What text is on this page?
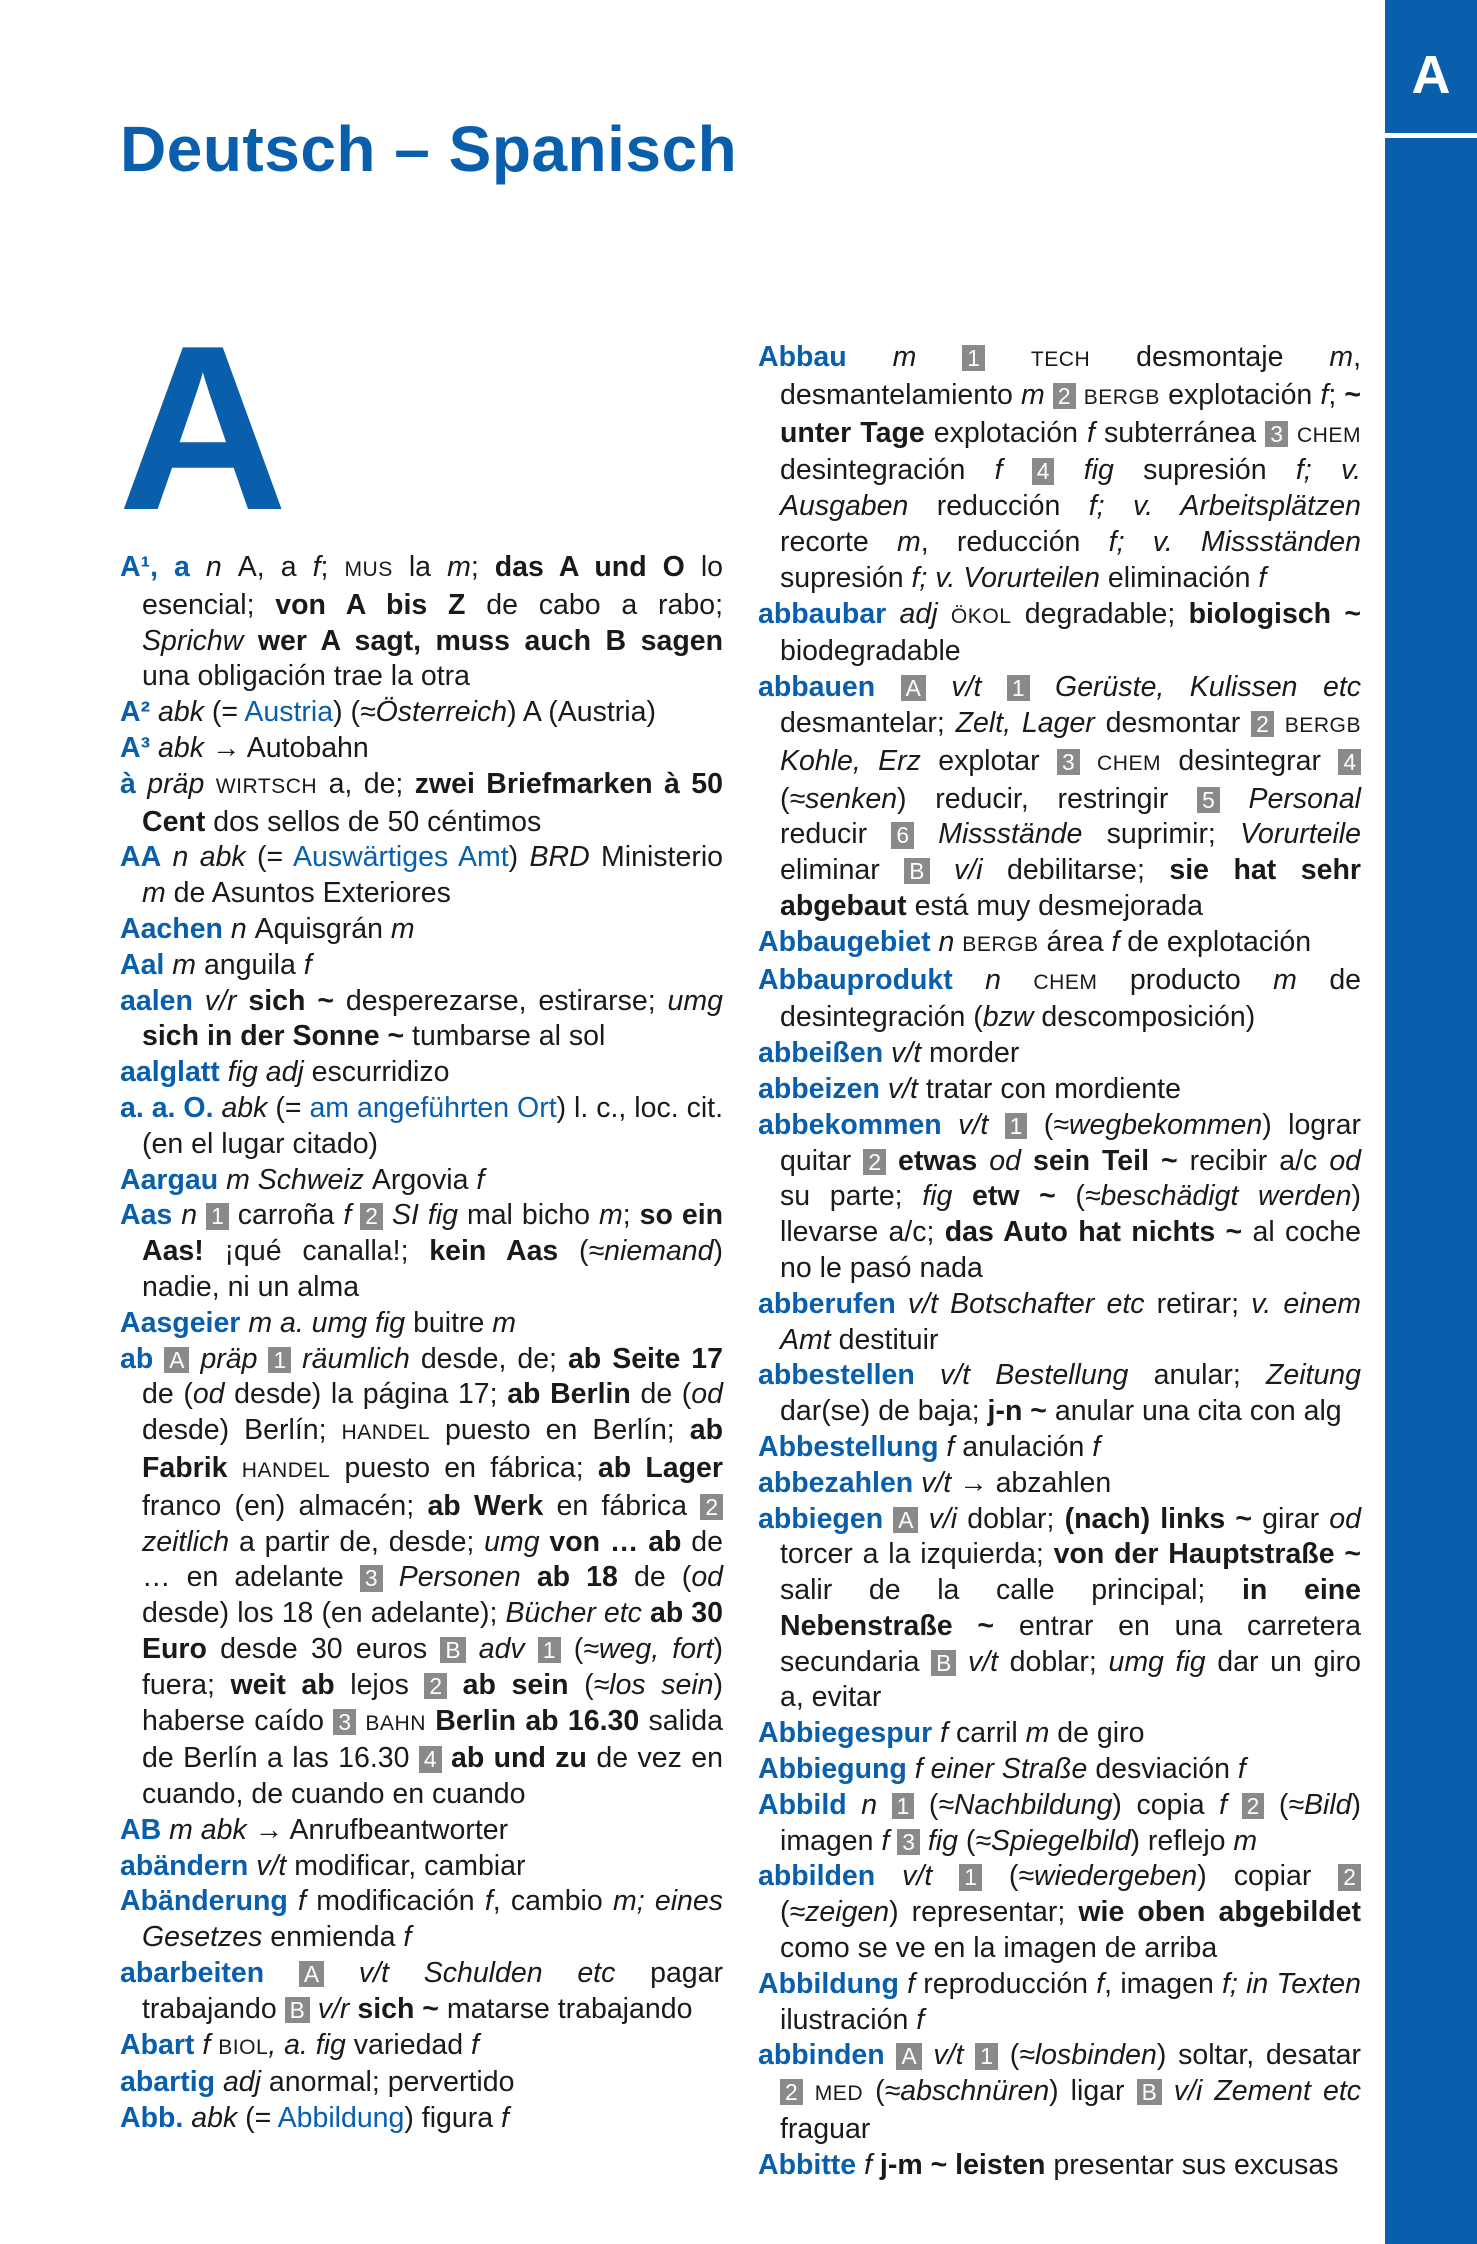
A
Deutsch – Spanisch
A
A¹, a n A, a f; MUS la m; das A und O lo esencial; von A bis Z de cabo a rabo; Sprichw wer A sagt, muss auch B sagen una obligación trae la otra
A² abk (= Austria) (≈Österreich) A (Austria)
A³ abk → Autobahn
à präp WIRTSCH a, de; zwei Briefmarken à 50 Cent dos sellos de 50 céntimos
AA n abk (= Auswärtiges Amt) BRD Ministerio m de Asuntos Exteriores
Aachen n Aquisgrán m
Aal m anguila f
aalen v/r sich ~ desperezarse, estirarse; umg sich in der Sonne ~ tumbarse al sol
aalglatt fig adj escurridizo
a. a. O. abk (= am angeführten Ort) l. c., loc. cit. (en el lugar citado)
Aargau m Schweiz Argovia f
Aas n 1 carroña f 2 SI fig mal bicho m; so ein Aas! ¡qué canalla!; kein Aas (≈niemand) nadie, ni un alma
Aasgeier m a. umg fig buitre m
ab A präp 1 räumlich desde, de; ab Seite 17 de (od desde) la página 17; ab Berlin de (od desde) Berlín; HANDEL puesto en Berlín; ab Fabrik HANDEL puesto en fábrica; ab Lager franco (en) almacén; ab Werk en fábrica 2 zeitlich a partir de, desde; umg von … ab de … en adelante 3 Personen ab 18 de (od desde) los 18 (en adelante); Bücher etc ab 30 Euro desde 30 euros B adv 1 (≈weg, fort) fuera; weit ab lejos 2 ab sein (≈los sein) haberse caído 3 BAHN Berlin ab 16.30 salida de Berlín a las 16.30 4 ab und zu de vez en cuando, de cuando en cuando
AB m abk → Anrufbeantworter
abändern v/t modificar, cambiar
Abänderung f modificación f, cambio m; eines Gesetzes enmienda f
abarbeiten A v/t Schulden etc pagar trabajando B v/r sich ~ matarse trabajando
Abart f BIOL, a. fig variedad f
abartig adj anormal; pervertido
Abb. abk (= Abbildung) figura f
Abbau m 1 TECH desmontaje m, desmantelamiento m 2 BERGB explotación f; ~ unter Tage explotación f subterránea 3 CHEM desintegración f 4 fig supresión f; v. Ausgaben reducción f; v. Arbeitsplätzen recorte m, reducción f; v. Missständen supresión f; v. Vorurteilen eliminación f
abbaubar adj ÖKOL degradable; biologisch ~ biodegradable
abbauen A v/t 1 Gerüste, Kulissen etc desmantelar; Zelt, Lager desmontar 2 BERGB Kohle, Erz explotar 3 CHEM desintegrar 4 (≈senken) reducir, restringir 5 Personal reducir 6 Missstände suprimir; Vorurteile eliminar B v/i debilitarse; sie hat sehr abgebaut está muy desmejorada
Abbaugebiet n BERGB área f de explotación
Abbauprodukt n CHEM producto m de desintegración (bzw descomposición)
abbeißen v/t morder
abbeizen v/t tratar con mordiente
abbekommen v/t 1 (≈wegbekommen) lograr quitar 2 etwas od sein Teil ~ recibir a/c od su parte; fig etw ~ (≈beschädigt werden) llevarse a/c; das Auto hat nichts ~ al coche no le pasó nada
abberufen v/t Botschafter etc retirar; v. einem Amt destituir
abbestellen v/t Bestellung anular; Zeitung dar(se) de baja; j-n ~ anular una cita con alg
Abbestellung f anulación f
abbezahlen v/t → abzahlen
abbiegen A v/i doblar; (nach) links ~ girar od torcer a la izquierda; von der Hauptstraße ~ salir de la calle principal; in eine Nebenstraße ~ entrar en una carretera secundaria B v/t doblar; umg fig dar un giro a, evitar
Abbiegespur f carril m de giro
Abbiegung f einer Straße desviación f
Abbild n 1 (≈Nachbildung) copia f 2 (≈Bild) imagen f 3 fig (≈Spiegelbild) reflejo m
abbilden v/t 1 (≈wiedergeben) copiar 2 (≈zeigen) representar; wie oben abgebildet como se ve en la imagen de arriba
Abbildung f reproducción f, imagen f; in Texten ilustración f
abbinden A v/t 1 (≈losbinden) soltar, desatar 2 MED (≈abschnüren) ligar B v/i Zement etc fraguar
Abbitte f j-m ~ leisten presentar sus excusas
